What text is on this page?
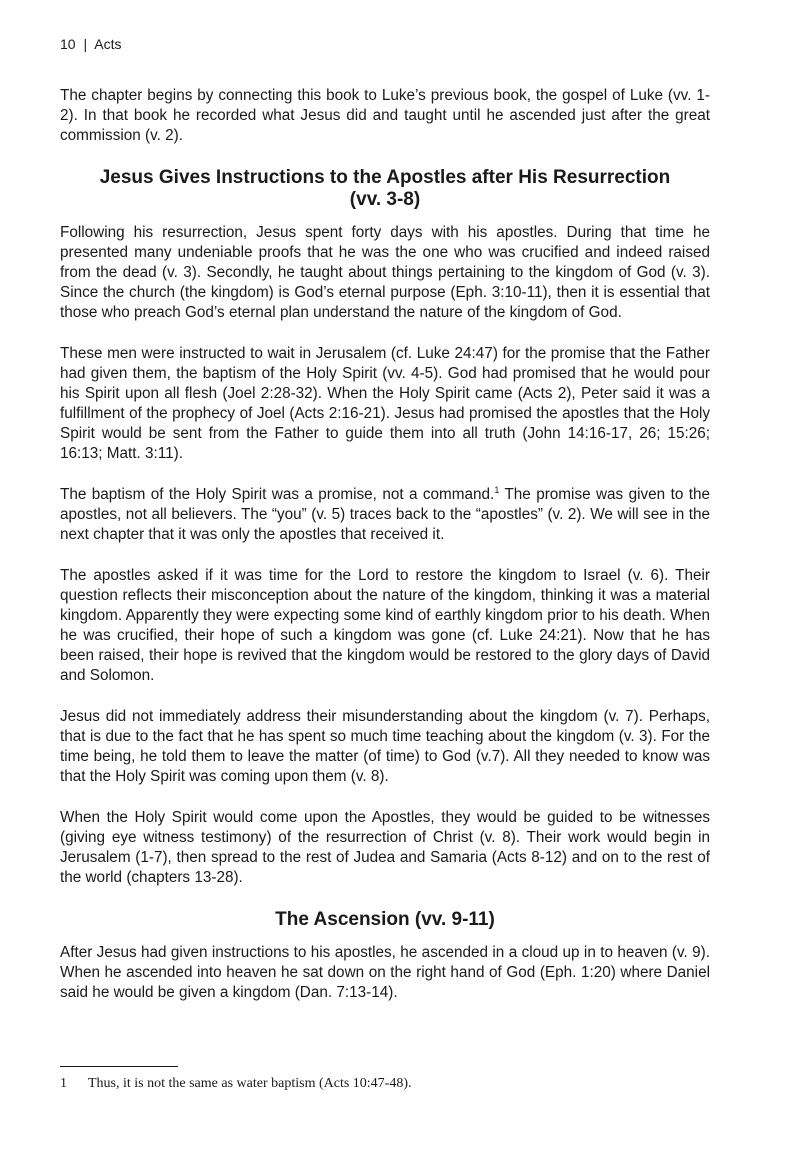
10 | Acts

The chapter begins by connecting this book to Luke’s previous book, the gospel of Luke (vv. 1-2). In that book he recorded what Jesus did and taught until he ascended just after the great commission (v. 2).

Jesus Gives Instructions to the Apostles after His Resurrection
(vv. 3-8)

Following his resurrection, Jesus spent forty days with his apostles. During that time he presented many undeniable proofs that he was the one who was crucified and indeed raised from the dead (v. 3). Secondly, he taught about things pertaining to the kingdom of God (v. 3). Since the church (the kingdom) is God’s eternal purpose (Eph. 3:10-11), then it is essential that those who preach God’s eternal plan understand the nature of the kingdom of God.

These men were instructed to wait in Jerusalem (cf. Luke 24:47) for the promise that the Father had given them, the baptism of the Holy Spirit (vv. 4-5). God had promised that he would pour his Spirit upon all flesh (Joel 2:28-32). When the Holy Spirit came (Acts 2), Peter said it was a fulfillment of the prophecy of Joel (Acts 2:16-21). Jesus had promised the apostles that the Holy Spirit would be sent from the Father to guide them into all truth (John 14:16-17, 26; 15:26; 16:13; Matt. 3:11).

The baptism of the Holy Spirit was a promise, not a command.$^1$ The promise was given to the apostles, not all believers. The “you” (v. 5) traces back to the “apostles” (v. 2). We will see in the next chapter that it was only the apostles that received it.

The apostles asked if it was time for the Lord to restore the kingdom to Israel (v. 6). Their question reflects their misconception about the nature of the kingdom, thinking it was a material kingdom. Apparently they were expecting some kind of earthly kingdom prior to his death. When he was crucified, their hope of such a kingdom was gone (cf. Luke 24:21). Now that he has been raised, their hope is revived that the kingdom would be restored to the glory days of David and Solomon.

Jesus did not immediately address their misunderstanding about the kingdom (v. 7). Perhaps, that is due to the fact that he has spent so much time teaching about the kingdom (v. 3). For the time being, he told them to leave the matter (of time) to God (v.7). All they needed to know was that the Holy Spirit was coming upon them (v. 8).

When the Holy Spirit would come upon the Apostles, they would be guided to be witnesses (giving eye witness testimony) of the resurrection of Christ (v. 8). Their work would begin in Jerusalem (1-7), then spread to the rest of Judea and Samaria (Acts 8-12) and on to the rest of the world (chapters 13-28).

The Ascension (vv. 9-11)

After Jesus had given instructions to his apostles, he ascended in a cloud up in to heaven (v. 9). When he ascended into heaven he sat down on the right hand of God (Eph. 1:20) where Daniel said he would be given a kingdom (Dan. 7:13-14).

1 Thus, it is not the same as water baptism (Acts 10:47-48).
